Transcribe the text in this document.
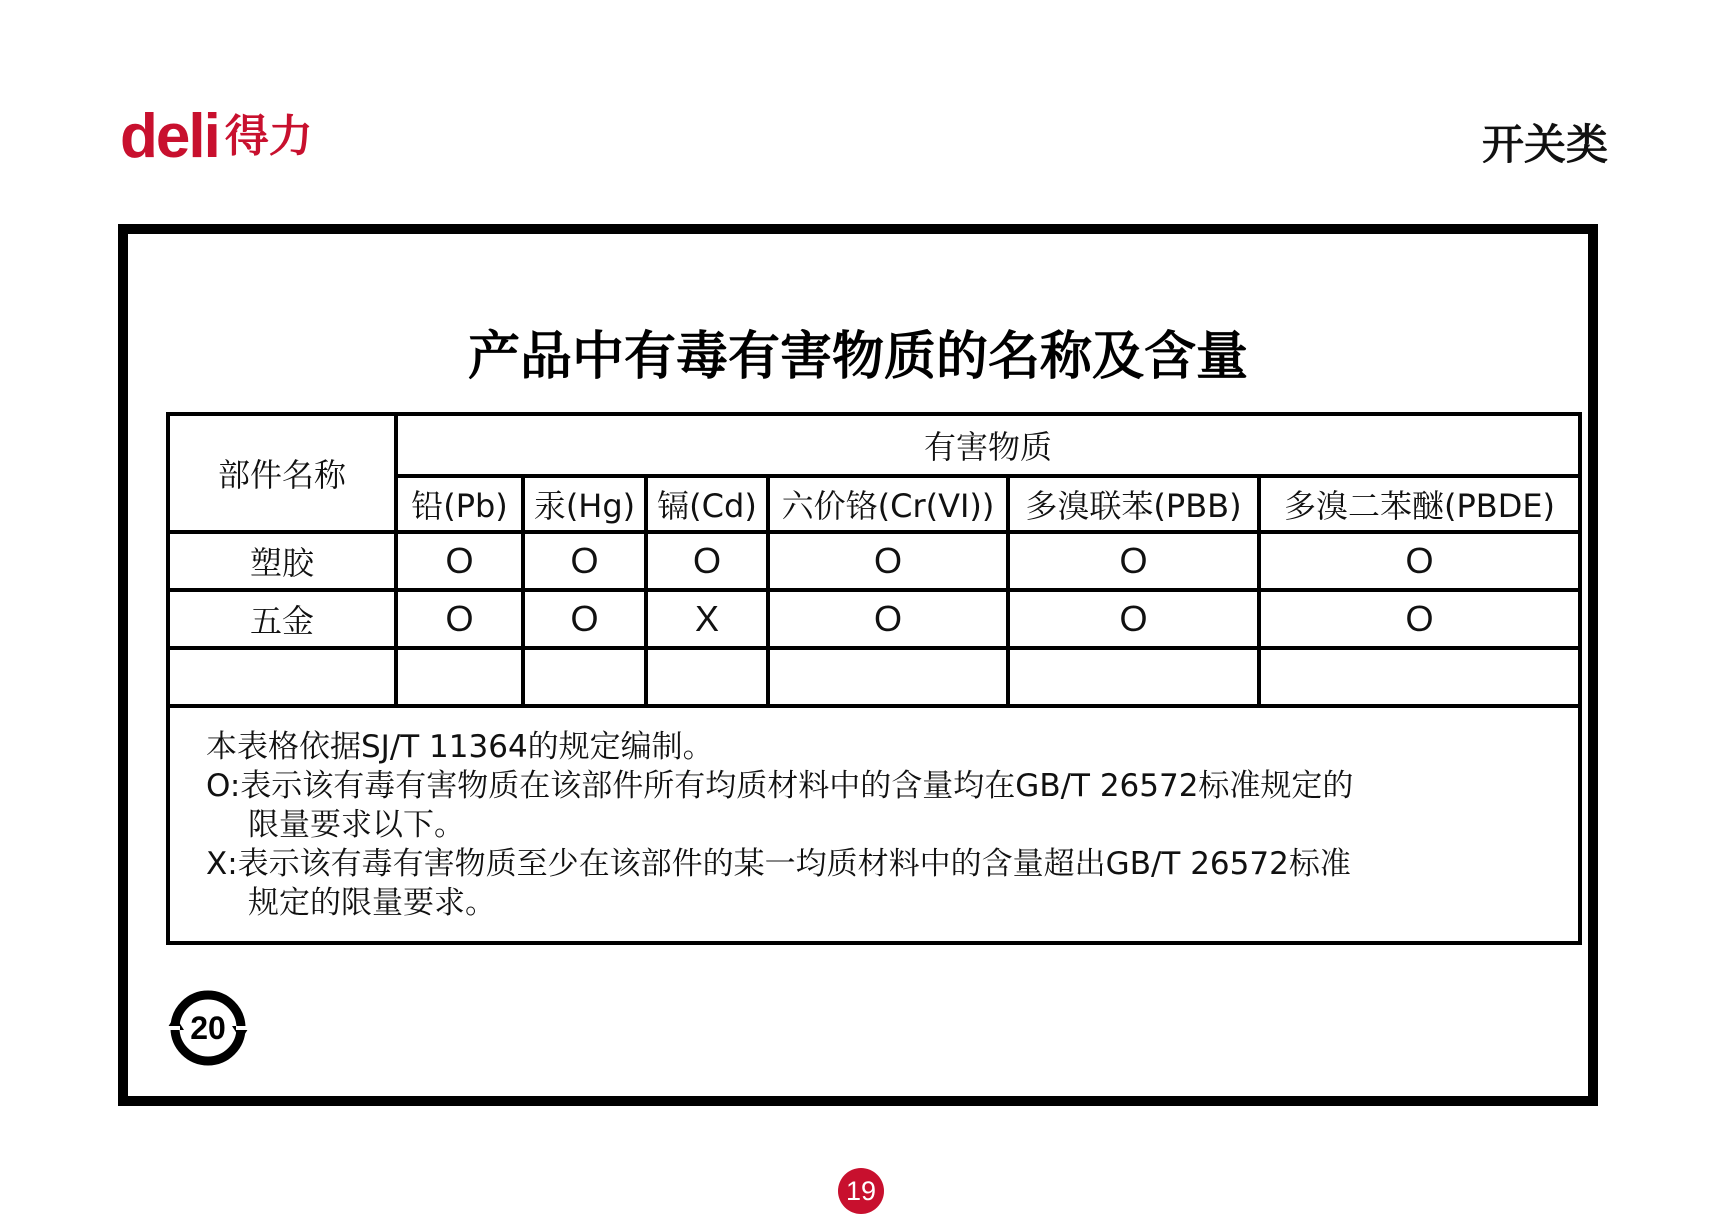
deli 得力	开关类
产品中有毒有害物质的名称及含量
部件名称	有害物质					
	铅(Pb)	汞(Hg)	镉(Cd)	六价铬(Cr(VI))	多溴联苯(PBB)	多溴二苯醚(PBDE)
塑胶	O	O	O	O	O	O
五金	O	O	X	O	O	O

本表格依据SJ/T 11364的规定编制。
O:表示该有毒有害物质在该部件所有均质材料中的含量均在GB/T 26572标准规定的
限量要求以下。
X:表示该有毒有害物质至少在该部件的某一均质材料中的含量超出GB/T 26572标准
规定的限量要求。						
20
19
